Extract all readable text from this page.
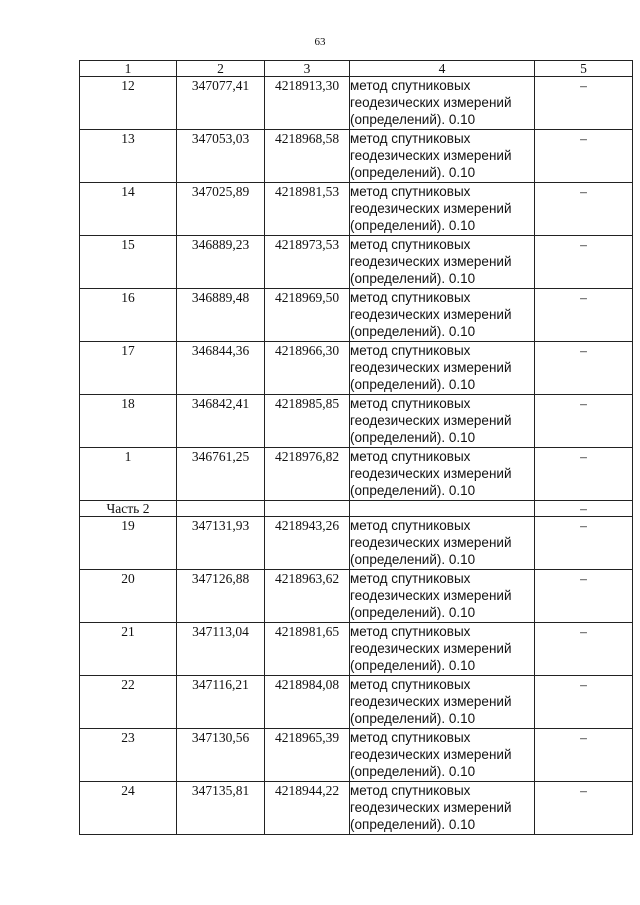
63
1	2	3	4	5
12	347077,41	4218913,30	метод спутниковых
геодезических измерений
(определений). 0.10	–
13	347053,03	4218968,58	метод спутниковых
геодезических измерений
(определений). 0.10	–
14	347025,89	4218981,53	метод спутниковых
геодезических измерений
(определений). 0.10	–
15	346889,23	4218973,53	метод спутниковых
геодезических измерений
(определений). 0.10	–
16	346889,48	4218969,50	метод спутниковых
геодезических измерений
(определений). 0.10	–
17	346844,36	4218966,30	метод спутниковых
геодезических измерений
(определений). 0.10	–
18	346842,41	4218985,85	метод спутниковых
геодезических измерений
(определений). 0.10	–
1	346761,25	4218976,82	метод спутниковых
геодезических измерений
(определений). 0.10	–
Часть 2				–
19	347131,93	4218943,26	метод спутниковых
геодезических измерений
(определений). 0.10	–
20	347126,88	4218963,62	метод спутниковых
геодезических измерений
(определений). 0.10	–
21	347113,04	4218981,65	метод спутниковых
геодезических измерений
(определений). 0.10	–
22	347116,21	4218984,08	метод спутниковых
геодезических измерений
(определений). 0.10	–
23	347130,56	4218965,39	метод спутниковых
геодезических измерений
(определений). 0.10	–
24	347135,81	4218944,22	метод спутниковых
геодезических измерений
(определений). 0.10	–
